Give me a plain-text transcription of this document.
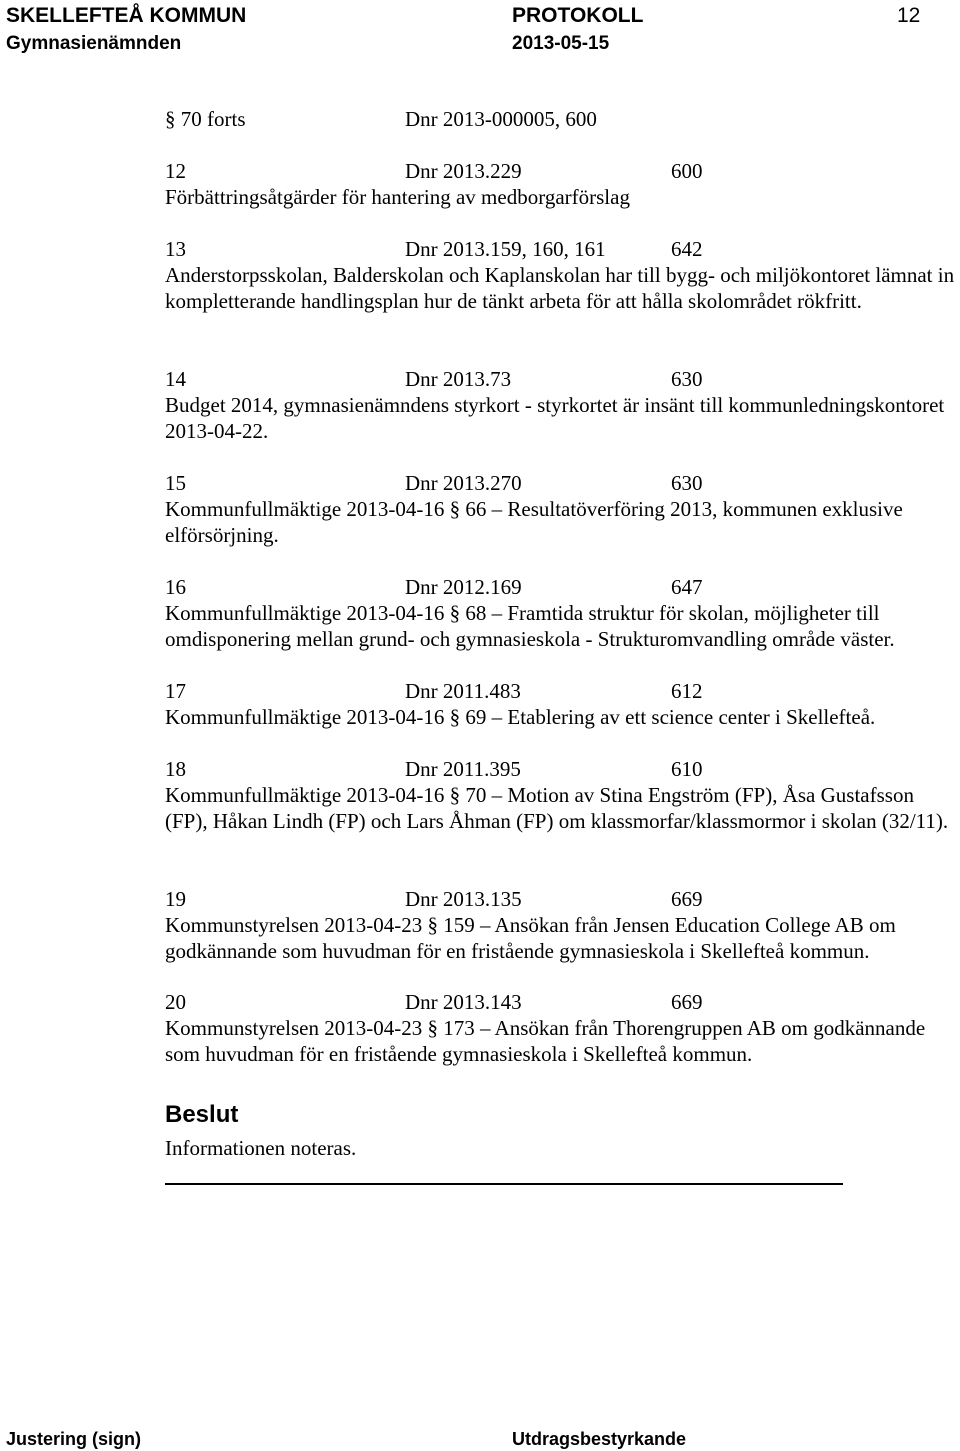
SKELLEFTEÅ KOMMUN	PROTOKOLL	12
Gymnasienämnden	2013-05-15
§ 70 forts	Dnr 2013-000005, 600
12	Dnr 2013.229	600

Förbättringsåtgärder för hantering av medborgarförslag

13	Dnr 2013.159, 160, 161	642

Anderstorpsskolan, Balderskolan och Kaplanskolan har till bygg- och miljökontoret lämnat in kompletterande handlingsplan hur de tänkt arbeta för att hålla skolområdet rökfritt.

14	Dnr 2013.73	630

Budget 2014, gymnasienämndens styrkort - styrkortet är insänt till kommunledningskontoret 2013-04-22.

15	Dnr 2013.270	630

Kommunfullmäktige 2013-04-16 § 66 – Resultatöverföring 2013, kommunen exklusive elförsörjning.

16	Dnr 2012.169	647

Kommunfullmäktige 2013-04-16 § 68 – Framtida struktur för skolan, möjligheter till omdisponering mellan grund- och gymnasieskola - Strukturomvandling område väster.

17	Dnr 2011.483	612

Kommunfullmäktige 2013-04-16 § 69 – Etablering av ett science center i Skellefteå.

18	Dnr 2011.395	610

Kommunfullmäktige 2013-04-16 § 70 – Motion av Stina Engström (FP), Åsa Gustafsson (FP), Håkan Lindh (FP) och Lars Åhman (FP) om klassmorfar/klassmormor i skolan (32/11).

19	Dnr 2013.135	669

Kommunstyrelsen 2013-04-23 § 159 – Ansökan från Jensen Education College AB om godkännande som huvudman för en fristående gymnasieskola i Skellefteå kommun.

20	Dnr 2013.143	669

Kommunstyrelsen 2013-04-23 § 173 – Ansökan från Thorengruppen AB om godkännande som huvudman för en fristående gymnasieskola i Skellefteå kommun.

Beslut
Informationen noteras.
Justering (sign)	Utdragsbestyrkande
